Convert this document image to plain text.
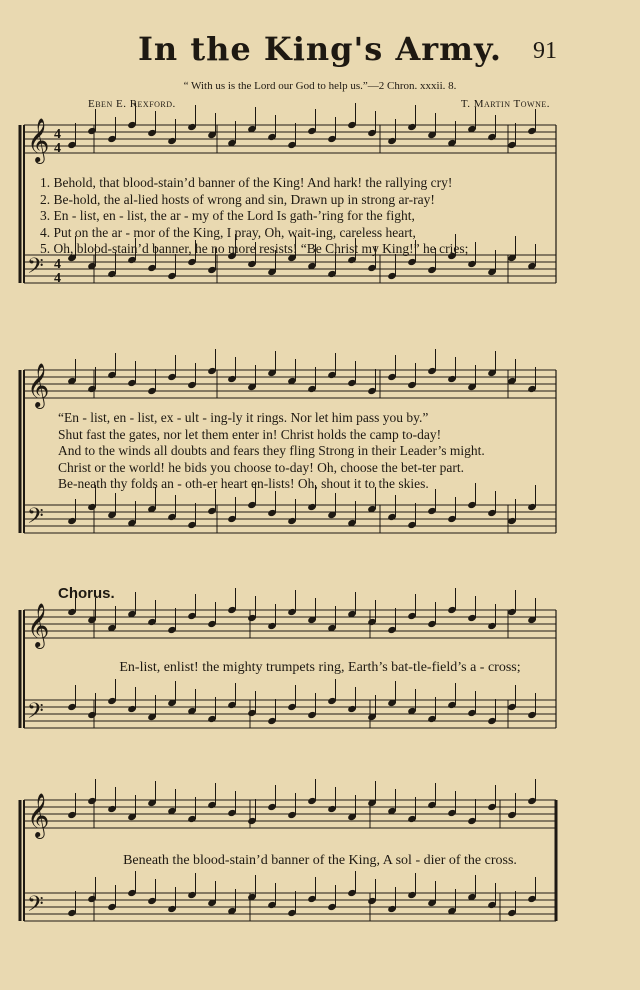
In the King's Army.	91
“ With us is the Lord our God to help us.”—2 Chron. xxxii. 8.
Eben E. Rexford.	T. Martin Towne.
𝄞 4
4
𝄢 4
4
𝄞
𝄢
𝄞
𝄢
𝄞
𝄢
1. Behold, that blood-stain’d banner of the King! And hark! the rallying cry!
2. Be-hold, the al-lied hosts of wrong and sin, Drawn up in strong ar-ray!
3. En - list, en - list, the ar - my of the Lord Is gath-’ring for the fight,
4. Put on the ar - mor of the King, I pray, Oh, wait-ing, careless heart,
5. Oh, blood-stain’d banner, he no more resists! “Be Christ my King!” he cries;
“En - list, en - list, ex - ult - ing-ly it rings. Nor let him pass you by.”
Shut fast the gates, nor let them enter in! Christ holds the camp to-day!
And to the winds all doubts and fears they fling Strong in their Leader’s might.
Christ or the world! he bids you choose to-day! Oh, choose the bet-ter part.
Be-neath thy folds an - oth-er heart en-lists! Oh, shout it to the skies.
Chorus.
En-list, enlist! the mighty trumpets ring, Earth’s bat-tle-field’s a - cross;
Beneath the blood-stain’d banner of the King, A sol - dier of the cross.
